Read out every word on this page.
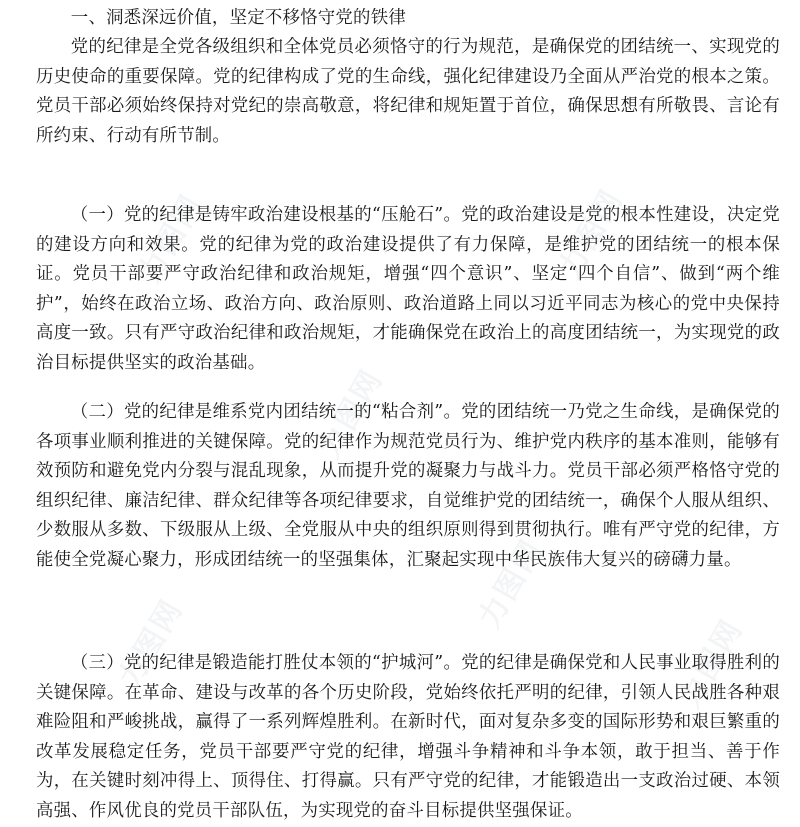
力图网
力图网
力图网
力图网	力图网
力图网

一、洞悉深远价值，坚定不移恪守党的铁律

党的纪律是全党各级组织和全体党员必须恪守的行为规范，是确保党的团结统一、实现党的历史使命的重要保障。党的纪律构成了党的生命线，强化纪律建设乃全面从严治党的根本之策。党员干部必须始终保持对党纪的崇高敬意，将纪律和规矩置于首位，确保思想有所敬畏、言论有所约束、行动有所节制。

（一）党的纪律是铸牢政治建设根基的“压舱石”。党的政治建设是党的根本性建设，决定党的建设方向和效果。党的纪律为党的政治建设提供了有力保障，是维护党的团结统一的根本保证。党员干部要严守政治纪律和政治规矩，增强“四个意识”、坚定“四个自信”、做到“两个维护”，始终在政治立场、政治方向、政治原则、政治道路上同以习近平同志为核心的党中央保持高度一致。只有严守政治纪律和政治规矩，才能确保党在政治上的高度团结统一，为实现党的政治目标提供坚实的政治基础。

（二）党的纪律是维系党内团结统一的“粘合剂”。党的团结统一乃党之生命线，是确保党的各项事业顺利推进的关键保障。党的纪律作为规范党员行为、维护党内秩序的基本准则，能够有效预防和避免党内分裂与混乱现象，从而提升党的凝聚力与战斗力。党员干部必须严格恪守党的组织纪律、廉洁纪律、群众纪律等各项纪律要求，自觉维护党的团结统一，确保个人服从组织、少数服从多数、下级服从上级、全党服从中央的组织原则得到贯彻执行。唯有严守党的纪律，方能使全党凝心聚力，形成团结统一的坚强集体，汇聚起实现中华民族伟大复兴的磅礴力量。

（三）党的纪律是锻造能打胜仗本领的“护城河”。党的纪律是确保党和人民事业取得胜利的关键保障。在革命、建设与改革的各个历史阶段，党始终依托严明的纪律，引领人民战胜各种艰难险阻和严峻挑战，赢得了一系列辉煌胜利。在新时代，面对复杂多变的国际形势和艰巨繁重的改革发展稳定任务，党员干部要严守党的纪律，增强斗争精神和斗争本领，敢于担当、善于作为，在关键时刻冲得上、顶得住、打得赢。只有严守党的纪律，才能锻造出一支政治过硬、本领高强、作风优良的党员干部队伍，为实现党的奋斗目标提供坚强保证。
